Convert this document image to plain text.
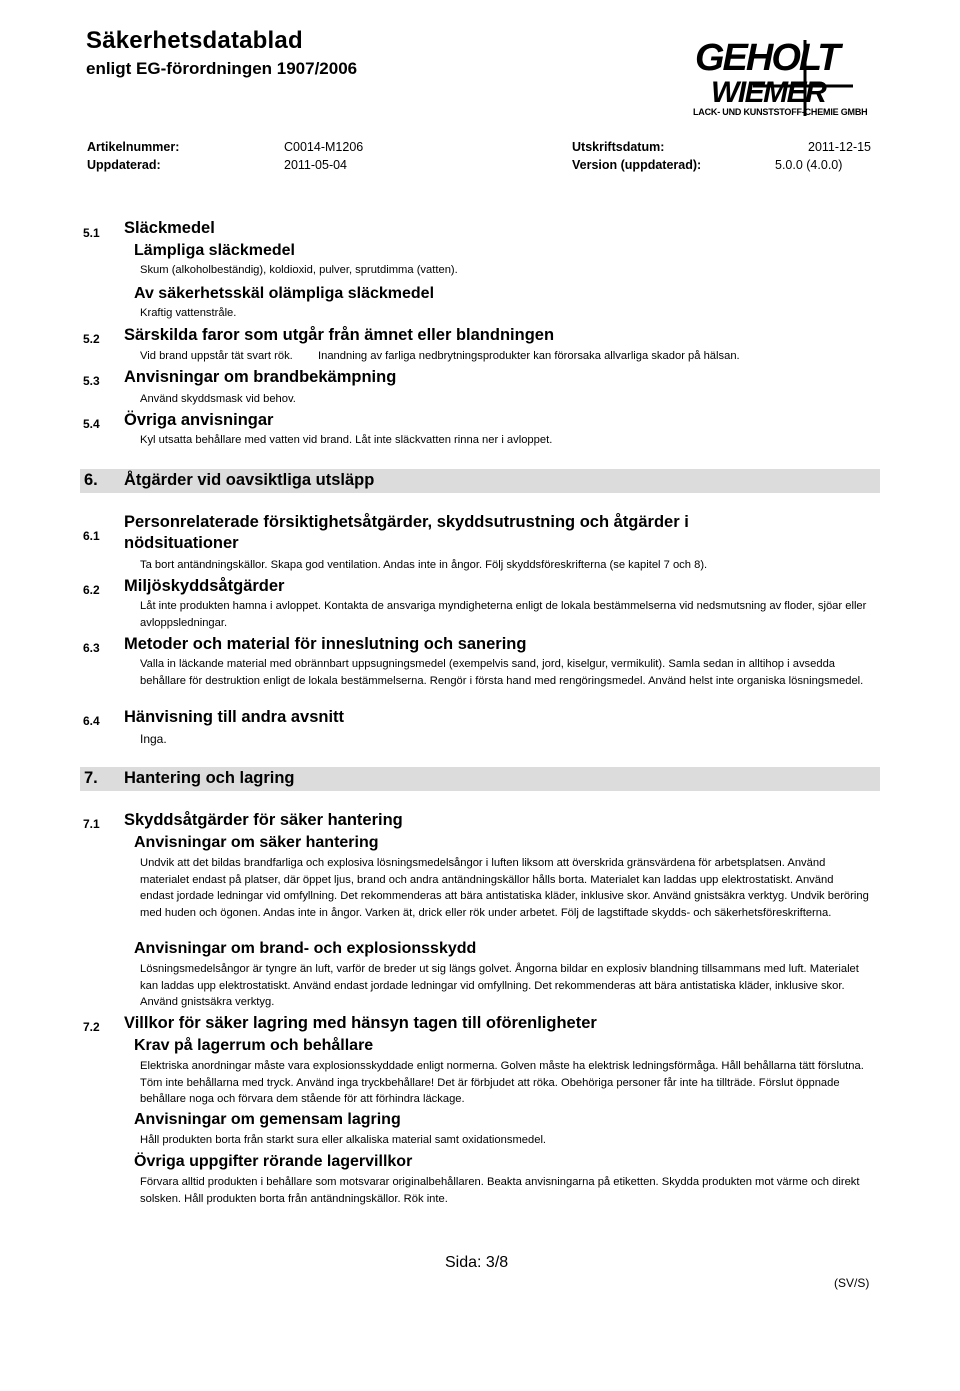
Säkerhetsdatablad
enligt EG-förordningen 1907/2006	GEHOLT
WIEMER
LACK- UND KUNSTSTOFF-CHEMIE GMBH
Artikelnummer:	C0014-M1206	Utskriftsdatum:	2011-12-15
Uppdaterad:	2011-05-04	Version (uppdaterad):	5.0.0 (4.0.0)
5.1 Släckmedel
Lämpliga släckmedel
Skum (alkoholbeständig), koldioxid, pulver, sprutdimma (vatten).
Av säkerhetsskäl olämpliga släckmedel
Kraftig vattenstråle.
5.2 Särskilda faror som utgår från ämnet eller blandningen
Vid brand uppstår tät svart rök.	Inandning av farliga nedbrytningsprodukter kan förorsaka allvarliga skador på hälsan.
5.3 Anvisningar om brandbekämpning
Använd skyddsmask vid behov.
5.4 Övriga anvisningar
Kyl utsatta behållare med vatten vid brand. Låt inte släckvatten rinna ner i avloppet.
6. Åtgärder vid oavsiktliga utsläpp
6.1
Personrelaterade försiktighetsåtgärder, skyddsutrustning och åtgärder i
nödsituationer
Ta bort antändningskällor. Skapa god ventilation. Andas inte in ångor. Följ skyddsföreskrifterna (se kapitel 7 och 8).
6.2 Miljöskyddsåtgärder
Låt inte produkten hamna i avloppet. Kontakta de ansvariga myndigheterna enligt de lokala bestämmelserna vid nedsmutsning av floder, sjöar eller avloppsledningar.
6.3 Metoder och material för inneslutning och sanering
Valla in läckande material med obrännbart uppsugningsmedel (exempelvis sand, jord, kiselgur, vermikulit). Samla sedan in alltihop i avsedda behållare för destruktion enligt de lokala bestämmelserna. Rengör i första hand med rengöringsmedel. Använd helst inte organiska lösningsmedel.
6.4 Hänvisning till andra avsnitt
Inga.
7. Hantering och lagring
7.1 Skyddsåtgärder för säker hantering
Anvisningar om säker hantering
Undvik att det bildas brandfarliga och explosiva lösningsmedelsångor i luften liksom att överskrida gränsvärdena för arbetsplatsen. Använd materialet endast på platser, där öppet ljus, brand och andra antändningskällor hålls borta. Materialet kan laddas upp elektrostatiskt. Använd endast jordade ledningar vid omfyllning. Det rekommenderas att bära antistatiska kläder, inklusive skor. Använd gnistsäkra verktyg. Undvik beröring med huden och ögonen. Andas inte in ångor. Varken ät, drick eller rök under arbetet. Följ de lagstiftade skydds- och säkerhetsföreskrifterna.
Anvisningar om brand- och explosionsskydd
Lösningsmedelsångor är tyngre än luft, varför de breder ut sig längs golvet. Ångorna bildar en explosiv blandning tillsammans med luft. Materialet kan laddas upp elektrostatiskt. Använd endast jordade ledningar vid omfyllning. Det rekommenderas att bära antistatiska kläder, inklusive skor. Använd gnistsäkra verktyg.
7.2 Villkor för säker lagring med hänsyn tagen till oförenligheter
Krav på lagerrum och behållare
Elektriska anordningar måste vara explosionsskyddade enligt normerna. Golven måste ha elektrisk ledningsförmåga. Håll behållarna tätt förslutna. Töm inte behållarna med tryck. Använd inga tryckbehållare! Det är förbjudet att röka. Obehöriga personer får inte ha tillträde. Förslut öppnade behållare noga och förvara dem stående för att förhindra läckage.
Anvisningar om gemensam lagring
Håll produkten borta från starkt sura eller alkaliska material samt oxidationsmedel.
Övriga uppgifter rörande lagervillkor
Förvara alltid produkten i behållare som motsvarar originalbehållaren. Beakta anvisningarna på etiketten. Skydda produkten mot värme och direkt solsken. Håll produkten borta från antändningskällor. Rök inte.
Sida: 3/8
(SV/S)
